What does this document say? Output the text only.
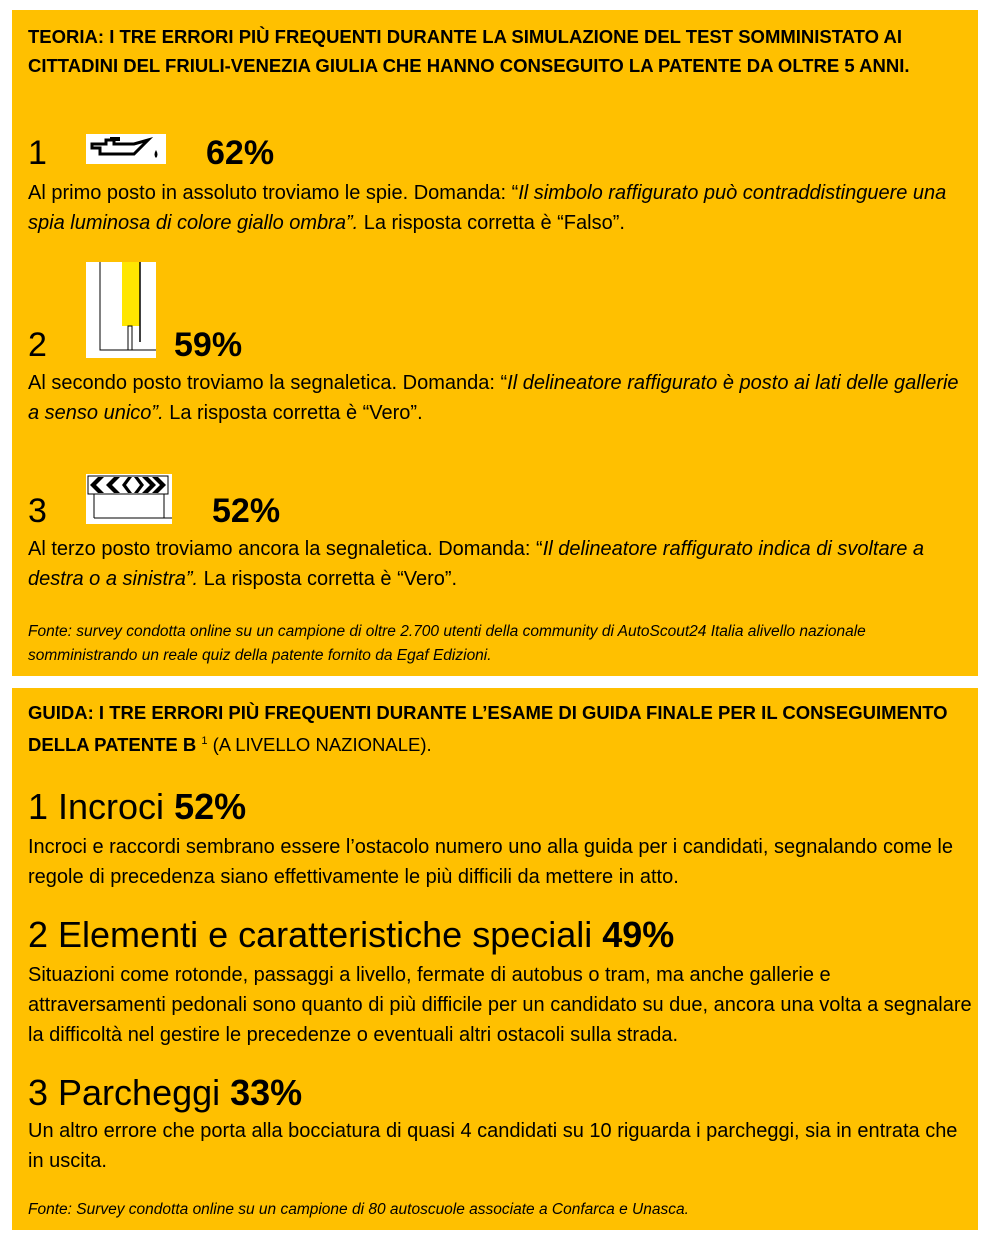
TEORIA: I TRE ERRORI PIÙ FREQUENTI DURANTE LA SIMULAZIONE DEL TEST SOMMINISTATO AI CITTADINI DEL FRIULI-VENEZIA GIULIA CHE HANNO CONSEGUITO LA PATENTE DA OLTRE 5 ANNI.
1	62%
Al primo posto in assoluto troviamo le spie. Domanda: “Il simbolo raffigurato può contraddistinguere una spia luminosa di colore giallo ombra”. La risposta corretta è “Falso”.
2	59%
Al secondo posto troviamo la segnaletica. Domanda: “Il delineatore raffigurato è posto ai lati delle gallerie a senso unico”. La risposta corretta è “Vero”.
3	52%
Al terzo posto troviamo ancora la segnaletica. Domanda: “Il delineatore raffigurato indica di svoltare a destra o a sinistra”. La risposta corretta è “Vero”.
Fonte: survey condotta online su un campione di oltre 2.700 utenti della community di AutoScout24 Italia alivello nazionale somministrando un reale quiz della patente fornito da Egaf Edizioni.
GUIDA: I TRE ERRORI PIÙ FREQUENTI DURANTE L’ESAME DI GUIDA FINALE PER IL CONSEGUIMENTO DELLA PATENTE B $^1$ (A LIVELLO NAZIONALE).
1 Incroci 52%
Incroci e raccordi sembrano essere l’ostacolo numero uno alla guida per i candidati, segnalando come le regole di precedenza siano effettivamente le più difficili da mettere in atto.
2 Elementi e caratteristiche speciali 49%
Situazioni come rotonde, passaggi a livello, fermate di autobus o tram, ma anche gallerie e attraversamenti pedonali sono quanto di più difficile per un candidato su due, ancora una volta a segnalare la difficoltà nel gestire le precedenze o eventuali altri ostacoli sulla strada.
3 Parcheggi 33%
Un altro errore che porta alla bocciatura di quasi 4 candidati su 10 riguarda i parcheggi, sia in entrata che in uscita.
Fonte: Survey condotta online su un campione di 80 autoscuole associate a Confarca e Unasca.
